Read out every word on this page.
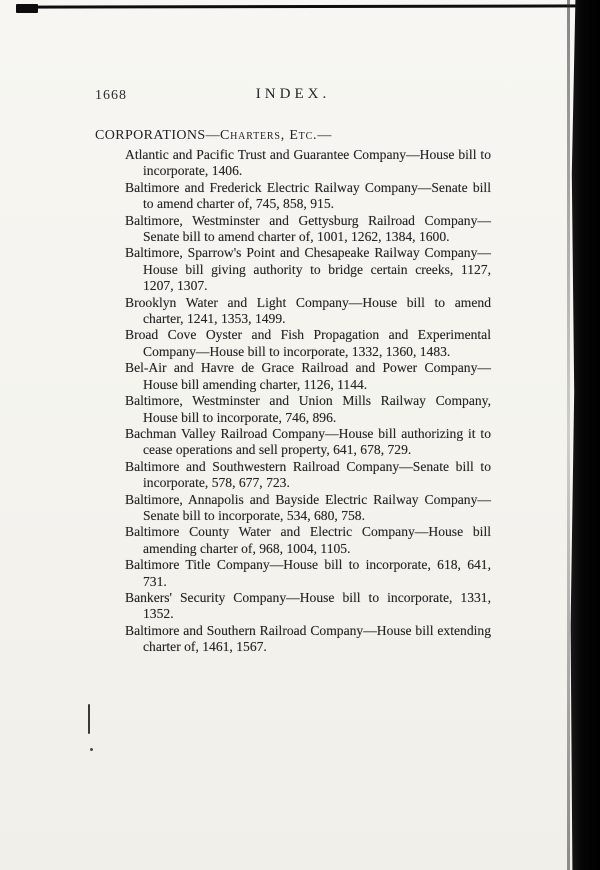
1668	INDEX.
CORPORATIONS—Charters, Etc.—
Atlantic and Pacific Trust and Guarantee Company—House bill to incorporate, 1406.
Baltimore and Frederick Electric Railway Company—Senate bill to amend charter of, 745, 858, 915.
Baltimore, Westminster and Gettysburg Railroad Company—Senate bill to amend charter of, 1001, 1262, 1384, 1600.
Baltimore, Sparrow's Point and Chesapeake Railway Company—House bill giving authority to bridge certain creeks, 1127, 1207, 1307.
Brooklyn Water and Light Company—House bill to amend charter, 1241, 1353, 1499.
Broad Cove Oyster and Fish Propagation and Experimental Company—House bill to incorporate, 1332, 1360, 1483.
Bel-Air and Havre de Grace Railroad and Power Company—House bill amending charter, 1126, 1144.
Baltimore, Westminster and Union Mills Railway Company, House bill to incorporate, 746, 896.
Bachman Valley Railroad Company—House bill authorizing it to cease operations and sell property, 641, 678, 729.
Baltimore and Southwestern Railroad Company—Senate bill to incorporate, 578, 677, 723.
Baltimore, Annapolis and Bayside Electric Railway Company—Senate bill to incorporate, 534, 680, 758.
Baltimore County Water and Electric Company—House bill amending charter of, 968, 1004, 1105.
Baltimore Title Company—House bill to incorporate, 618, 641, 731.
Bankers' Security Company—House bill to incorporate, 1331, 1352.
Baltimore and Southern Railroad Company—House bill extending charter of, 1461, 1567.
